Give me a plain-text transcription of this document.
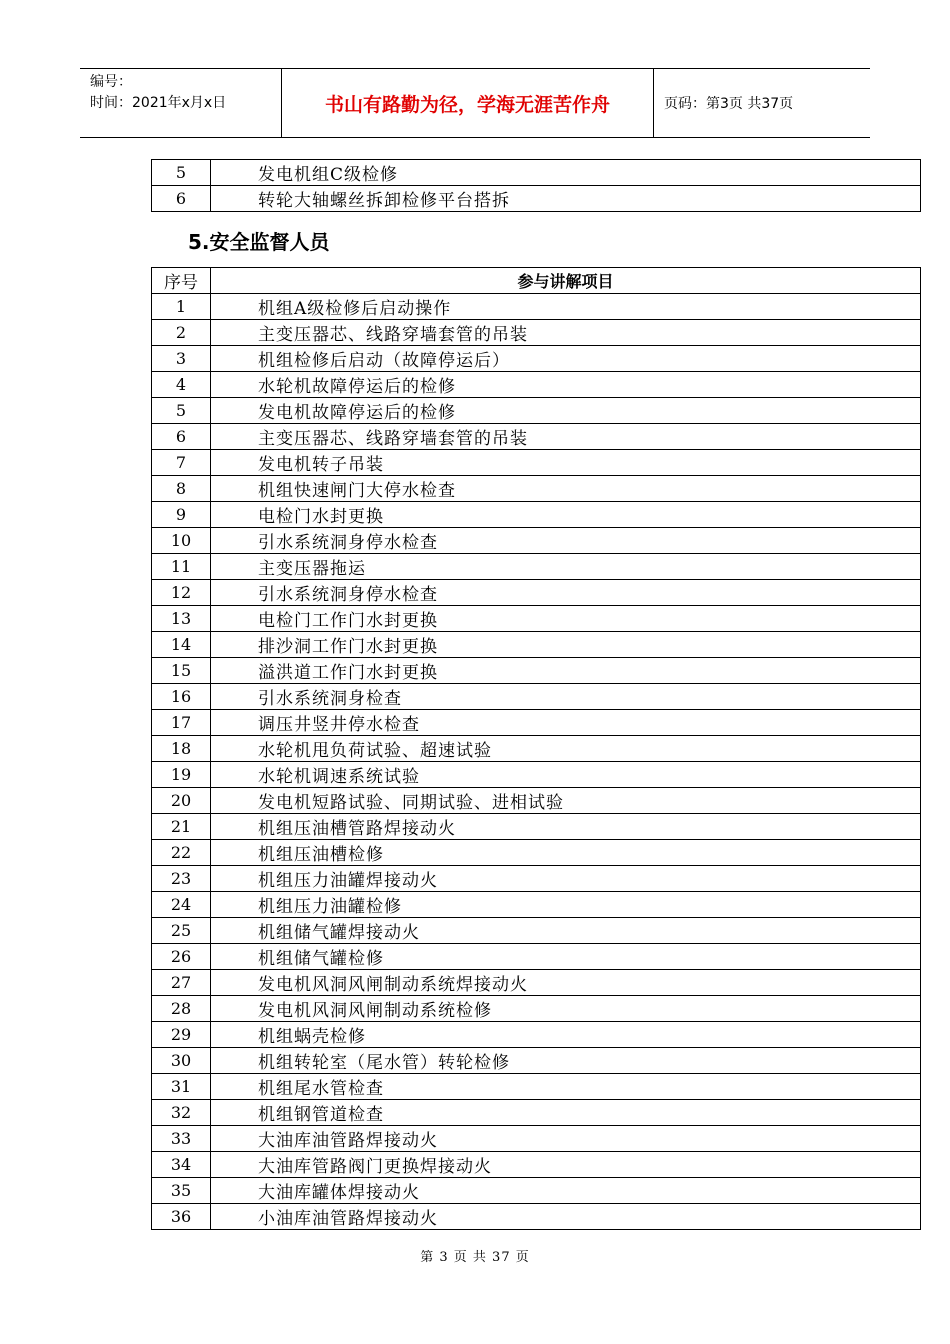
编号：
时间：2021年x月x日	书山有路勤为径，学海无涯苦作舟	页码：第3页 共37页
5	发电机组C级检修
6	转轮大轴螺丝拆卸检修平台搭拆
5.安全监督人员
序号	参与讲解项目
1	机组A级检修后启动操作
2	主变压器芯、线路穿墙套管的吊装
3	机组检修后启动（故障停运后）
4	水轮机故障停运后的检修
5	发电机故障停运后的检修
6	主变压器芯、线路穿墙套管的吊装
7	发电机转子吊装
8	机组快速闸门大停水检查
9	电检门水封更换
10	引水系统洞身停水检查
11	主变压器拖运
12	引水系统洞身停水检查
13	电检门工作门水封更换
14	排沙洞工作门水封更换
15	溢洪道工作门水封更换
16	引水系统洞身检查
17	调压井竖井停水检查
18	水轮机甩负荷试验、超速试验
19	水轮机调速系统试验
20	发电机短路试验、同期试验、进相试验
21	机组压油槽管路焊接动火
22	机组压油槽检修
23	机组压力油罐焊接动火
24	机组压力油罐检修
25	机组储气罐焊接动火
26	机组储气罐检修
27	发电机风洞风闸制动系统焊接动火
28	发电机风洞风闸制动系统检修
29	机组蜗壳检修
30	机组转轮室（尾水管）转轮检修
31	机组尾水管检查
32	机组钢管道检查
33	大油库油管路焊接动火
34	大油库管路阀门更换焊接动火
35	大油库罐体焊接动火
36	小油库油管路焊接动火
第 3 页 共 37 页
